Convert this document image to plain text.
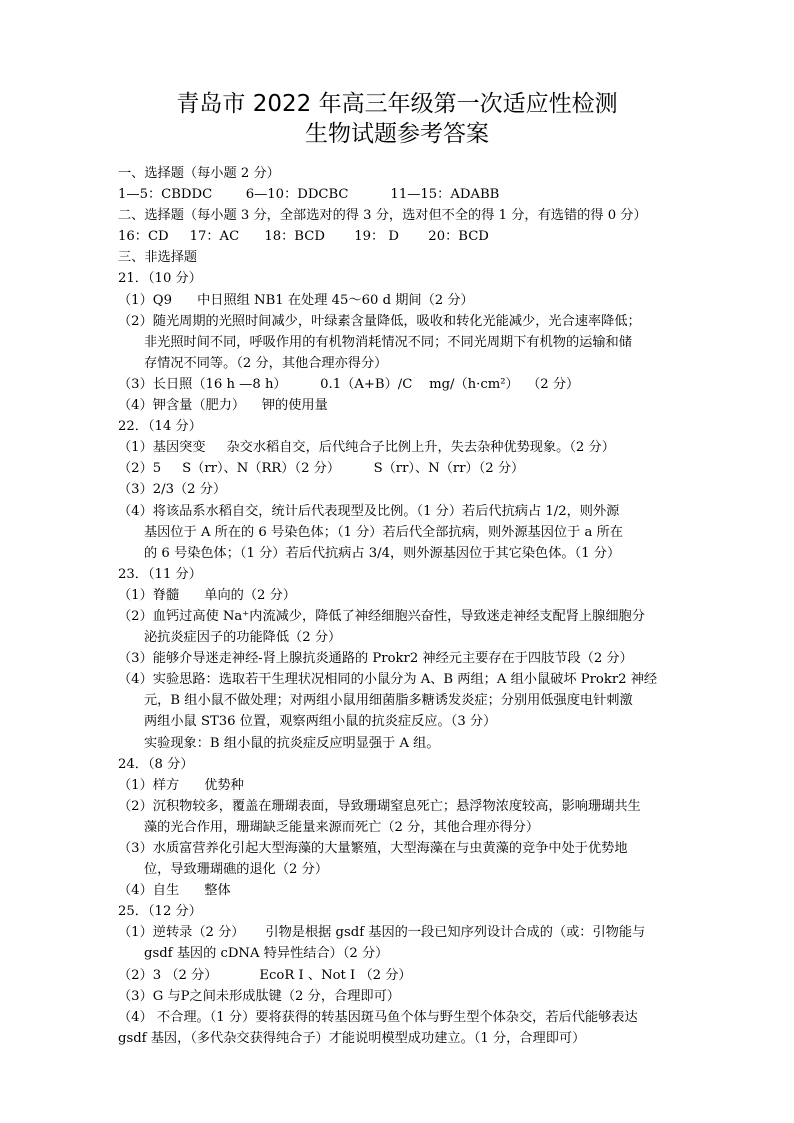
青岛市 2022 年高三年级第一次适应性检测
生物试题参考答案
一、选择题（每小题 2 分）
1—5：CBDDC        6—10：DDCBC          11—15：ADABB
二、选择题（每小题 3 分，全部选对的得 3 分，选对但不全的得 1 分，有选错的得 0 分）
16：CD     17：AC      18：BCD       19： D       20：BCD
三、非选择题
21．（10 分）
（1）Q9      中日照组 NB1 在处理 45～60 d 期间（2 分）
（2）随光周期的光照时间减少，叶绿素含量降低，吸收和转化光能减少，光合速率降低；
非光照时间不同，呼吸作用的有机物消耗情况不同；不同光周期下有机物的运输和储
存情况不同等。（2 分，其他合理亦得分）
（3）长日照（16 h —8 h）        0.1（A+B）/C    mg/（h·cm²）  （2 分）
（4）钾含量（肥力）    钾的使用量
22．（14 分）
（1）基因突变     杂交水稻自交，后代纯合子比例上升，失去杂种优势现象。（2 分）
（2）5     S（rr）、N（RR）（2 分）        S（rr）、N（rr）（2 分）
（3）2/3（2 分）
（4）将该品系水稻自交，统计后代表现型及比例。（1 分）若后代抗病占 1/2，则外源
基因位于 A 所在的 6 号染色体；（1 分）若后代全部抗病，则外源基因位于 a 所在
的 6 号染色体；（1 分）若后代抗病占 3/4，则外源基因位于其它染色体。（1 分）
23．（11 分）
（1）脊髓      单向的（2 分）
（2）血钙过高使 Na⁺内流减少，降低了神经细胞兴奋性，导致迷走神经支配肾上腺细胞分
泌抗炎症因子的功能降低（2 分）
（3）能够介导迷走神经-肾上腺抗炎通路的 Prokr2 神经元主要存在于四肢节段（2 分）
（4）实验思路：选取若干生理状况相同的小鼠分为 A、B 两组；A 组小鼠破坏 Prokr2 神经
元，B 组小鼠不做处理；对两组小鼠用细菌脂多糖诱发炎症；分别用低强度电针刺激
两组小鼠 ST36 位置，观察两组小鼠的抗炎症反应。（3 分）
实验现象：B 组小鼠的抗炎症反应明显强于 A 组。
24．（8 分）
（1）样方      优势种
（2）沉积物较多，覆盖在珊瑚表面，导致珊瑚窒息死亡；悬浮物浓度较高，影响珊瑚共生
藻的光合作用，珊瑚缺乏能量来源而死亡（2 分，其他合理亦得分）
（3）水质富营养化引起大型海藻的大量繁殖，大型海藻在与虫黄藻的竞争中处于优势地
位，导致珊瑚礁的退化（2 分）
（4）自生      整体
25．（12 分）
（1）逆转录（2 分）     引物是根据 gsdf 基因的一段已知序列设计合成的（或：引物能与
gsdf 基因的 cDNA 特异性结合）（2 分）
（2）3 （2 分）          EcoR I 、Not I （2 分）
（3）G 与P之间未形成肽键（2 分，合理即可）
（4） 不合理。（1 分）要将获得的转基因斑马鱼个体与野生型个体杂交，若后代能够表达
gsdf 基因，（多代杂交获得纯合子）才能说明模型成功建立。（1 分，合理即可）
